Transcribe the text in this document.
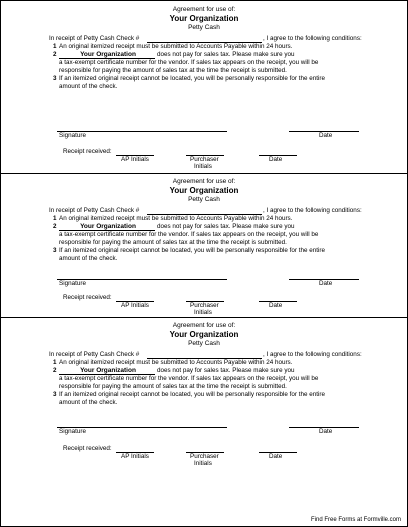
Agreement for use of:
Your Organization
Petty Cash
In receipt of Petty Cash Check #	, I agree to the following conditions:
1 An original itemized receipt must be submitted to Accounts Payable within 24 hours.
2	Your Organization	does not pay for sales tax. Please make sure you
a tax-exempt certificate number for the vendor. If sales tax appears on the receipt, you will be
responsible for paying the amount of sales tax at the time the receipt is submitted.
3 If an itemized original receipt cannot be located, you will be personally responsible for the entire
amount of the check.
Signature	Date
Receipt received:
AP Initials	Purchaser
Initials
Date
Agreement for use of:
Your Organization
Petty Cash
In receipt of Petty Cash Check #	, I agree to the following conditions:
1 An original itemized receipt must be submitted to Accounts Payable within 24 hours.
2	Your Organization	does not pay for sales tax. Please make sure you
a tax-exempt certificate number for the vendor. If sales tax appears on the receipt, you will be
responsible for paying the amount of sales tax at the time the receipt is submitted.
3 If an itemized original receipt cannot be located, you will be personally responsible for the entire
amount of the check.
Signature	Date
Receipt received:
AP Initials	Purchaser
Initials
Date
Agreement for use of:
Your Organization
Petty Cash
In receipt of Petty Cash Check #	, I agree to the following conditions:
1 An original itemized receipt must be submitted to Accounts Payable within 24 hours.
2	Your Organization	does not pay for sales tax. Please make sure you
a tax-exempt certificate number for the vendor. If sales tax appears on the receipt, you will be
responsible for paying the amount of sales tax at the time the receipt is submitted.
3 If an itemized original receipt cannot be located, you will be personally responsible for the entire
amount of the check.
Signature	Date
Receipt received:
AP Initials	Purchaser
Initials
Date
Find Free Forms at Formville.com
